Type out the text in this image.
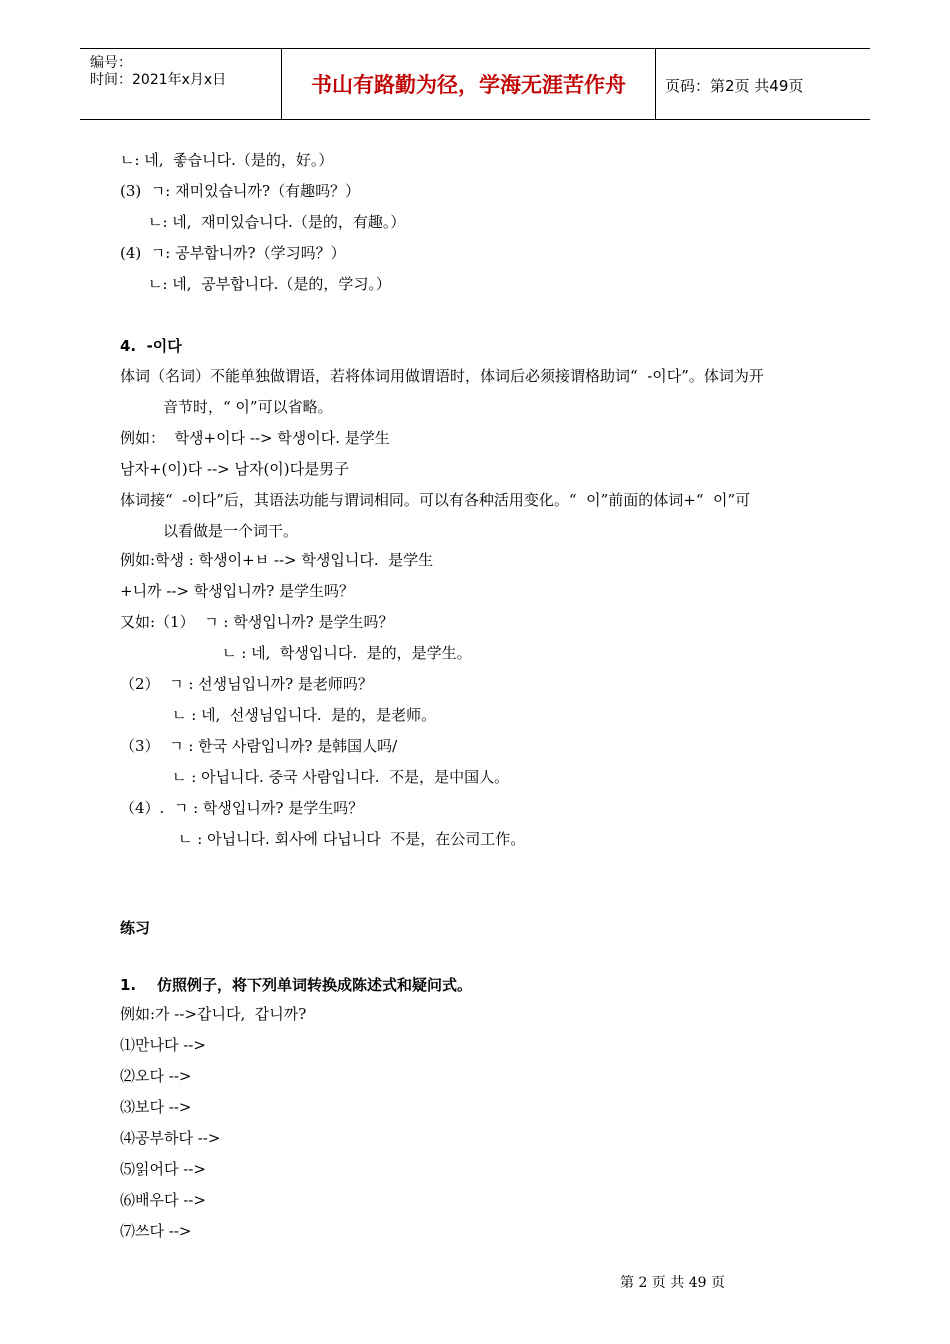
编号：
时间：2021年x月x日	书山有路勤为径，学海无涯苦作舟	页码：第2页 共49页
ㄴ: 네,  좋습니다.（是的，好。）
(3)  ㄱ: 재미있습니까?（有趣吗？）
ㄴ: 네,  재미있습니다.（是的，有趣。）
(4)  ㄱ: 공부합니까?（学习吗？）
ㄴ: 네,  공부합니다.（是的，学习。）
4.  -이다
体词（名词）不能单独做谓语，若将体词用做谓语时，体词后必须接谓格助词“  -이다”。体词为开
音节时，“ 이”可以省略。
例如：  학생+이다 --> 학생이다. 是学生
남자+(이)다 --> 남자(이)다是男子
体词接“  -이다”后，其语法功能与谓词相同。可以有各种活用变化。“  이”前面的体词+“  이”可
以看做是一个词干。
例如:학생 : 학생이+ㅂ --> 학생입니다.  是学生
+니까 --> 학생입니까? 是学生吗？
又如:（1）  ㄱ : 학생입니까? 是学生吗？
ㄴ : 네,  학생입니다.  是的，是学生。
（2）  ㄱ : 선생님입니까? 是老师吗？
ㄴ : 네,  선생님입니다.  是的，是老师。
（3）  ㄱ : 한국 사람입니까? 是韩国人吗/
ㄴ : 아닙니다. 중국 사람입니다.  不是，是中国人。
（4）.  ㄱ : 학생입니까? 是学生吗？
ㄴ : 아닙니다. 회사에 다닙니다  不是，在公司工作。
练习
1.    仿照例子，将下列单词转换成陈述式和疑问式。
例如:가 -->갑니다,  갑니까?
⑴만나다 -->
⑵오다 -->
⑶보다 -->
⑷공부하다 -->
⑸읽어다 -->
⑹배우다 -->
⑺쓰다 -->
第 2 页 共 49 页
